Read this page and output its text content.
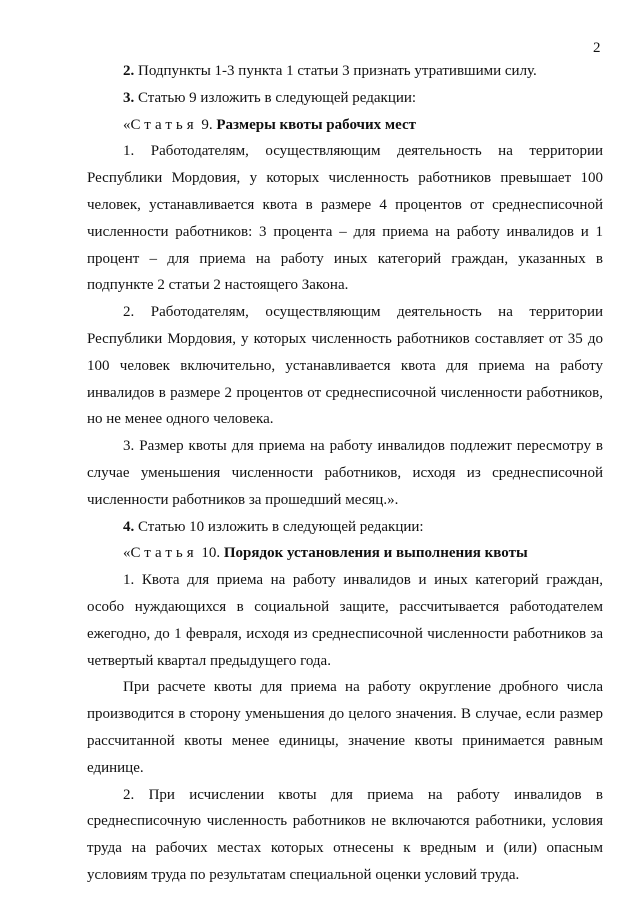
2

2. Подпункты 1-3 пункта 1 статьи 3 признать утратившими силу.

3. Статью 9 изложить в следующей редакции:

«Статья 9. Размеры квоты рабочих мест

1. Работодателям, осуществляющим деятельность на территории Республики Мордовия, у которых численность работников превышает 100 человек, устанавливается квота в размере 4 процентов от среднесписочной численности работников: 3 процента – для приема на работу инвалидов и 1 процент – для приема на работу иных категорий граждан, указанных в подпункте 2 статьи 2 настоящего Закона.

2. Работодателям, осуществляющим деятельность на территории Республики Мордовия, у которых численность работников составляет от 35 до 100 человек включительно, устанавливается квота для приема на работу инвалидов в размере 2 процентов от среднесписочной численности работников, но не менее одного человека.

3. Размер квоты для приема на работу инвалидов подлежит пересмотру в случае уменьшения численности работников, исходя из среднесписочной численности работников за прошедший месяц.».

4. Статью 10 изложить в следующей редакции:

«Статья 10. Порядок установления и выполнения квоты

1. Квота для приема на работу инвалидов и иных категорий граждан, особо нуждающихся в социальной защите, рассчитывается работодателем ежегодно, до 1 февраля, исходя из среднесписочной численности работников за четвертый квартал предыдущего года.

При расчете квоты для приема на работу округление дробного числа производится в сторону уменьшения до целого значения. В случае, если размер рассчитанной квоты менее единицы, значение квоты принимается равным единице.

2. При исчислении квоты для приема на работу инвалидов в среднесписочную численность работников не включаются работники, условия труда на рабочих местах которых отнесены к вредным и (или) опасным условиям труда по результатам специальной оценки условий труда.
